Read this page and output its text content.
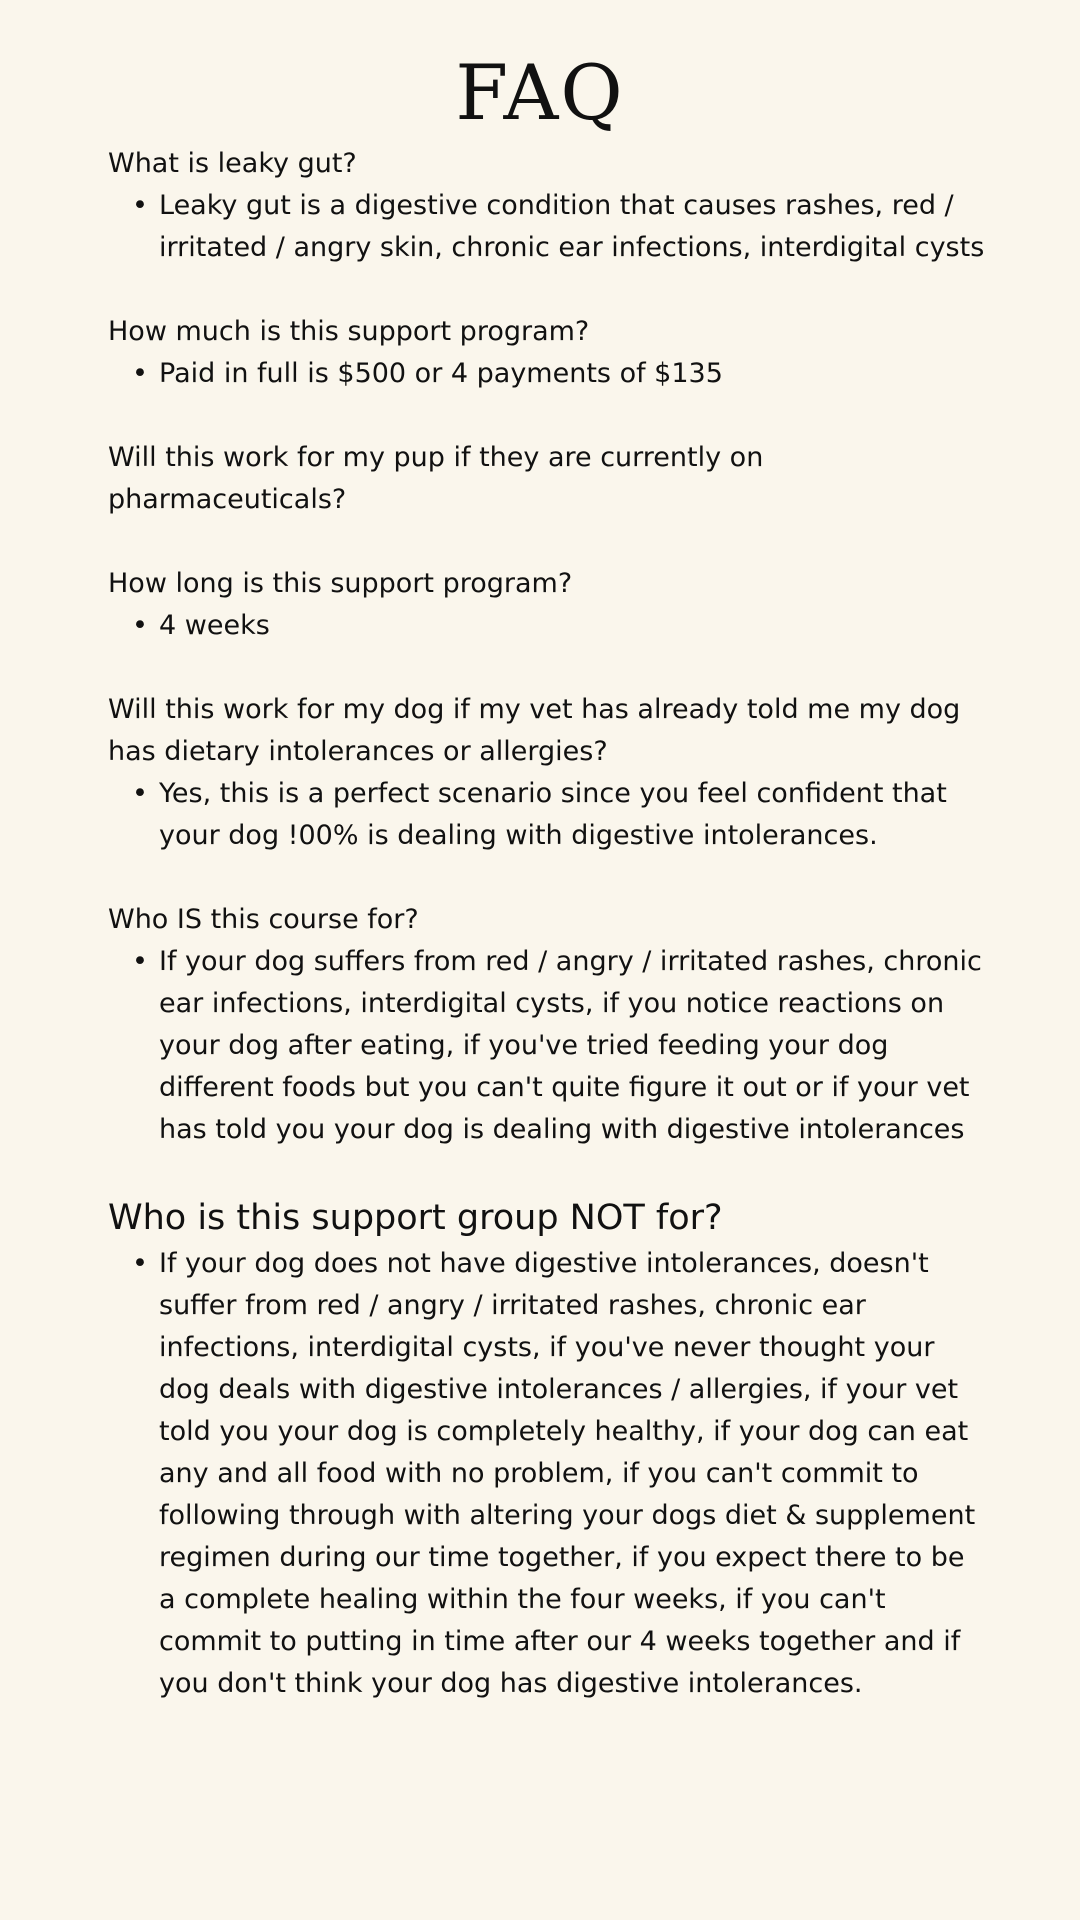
FAQ

What is leaky gut?

• Leaky gut is a digestive condition that causes rashes, red / irritated / angry skin, chronic ear infections, interdigital cysts

How much is this support program?

• Paid in full is $500 or 4 payments of $135

Will this work for my pup if they are currently on pharmaceuticals?

How long is this support program?

• 4 weeks

Will this work for my dog if my vet has already told me my dog has dietary intolerances or allergies?

• Yes, this is a perfect scenario since you feel confident that your dog !00% is dealing with digestive intolerances.

Who IS this course for?

• If your dog suffers from red / angry / irritated rashes, chronic ear infections, interdigital cysts, if you notice reactions on your dog after eating, if you've tried feeding your dog different foods but you can't quite figure it out or if your vet has told you your dog is dealing with digestive intolerances

Who is this support group NOT for?

• If your dog does not have digestive intolerances, doesn't suffer from red / angry / irritated rashes, chronic ear infections, interdigital cysts, if you've never thought your dog deals with digestive intolerances / allergies, if your vet told you your dog is completely healthy, if your dog can eat any and all food with no problem, if you can't commit to following through with altering your dogs diet & supplement regimen during our time together, if you expect there to be a complete healing within the four weeks, if you can't commit to putting in time after our 4 weeks together and if you don't think your dog has digestive intolerances.
